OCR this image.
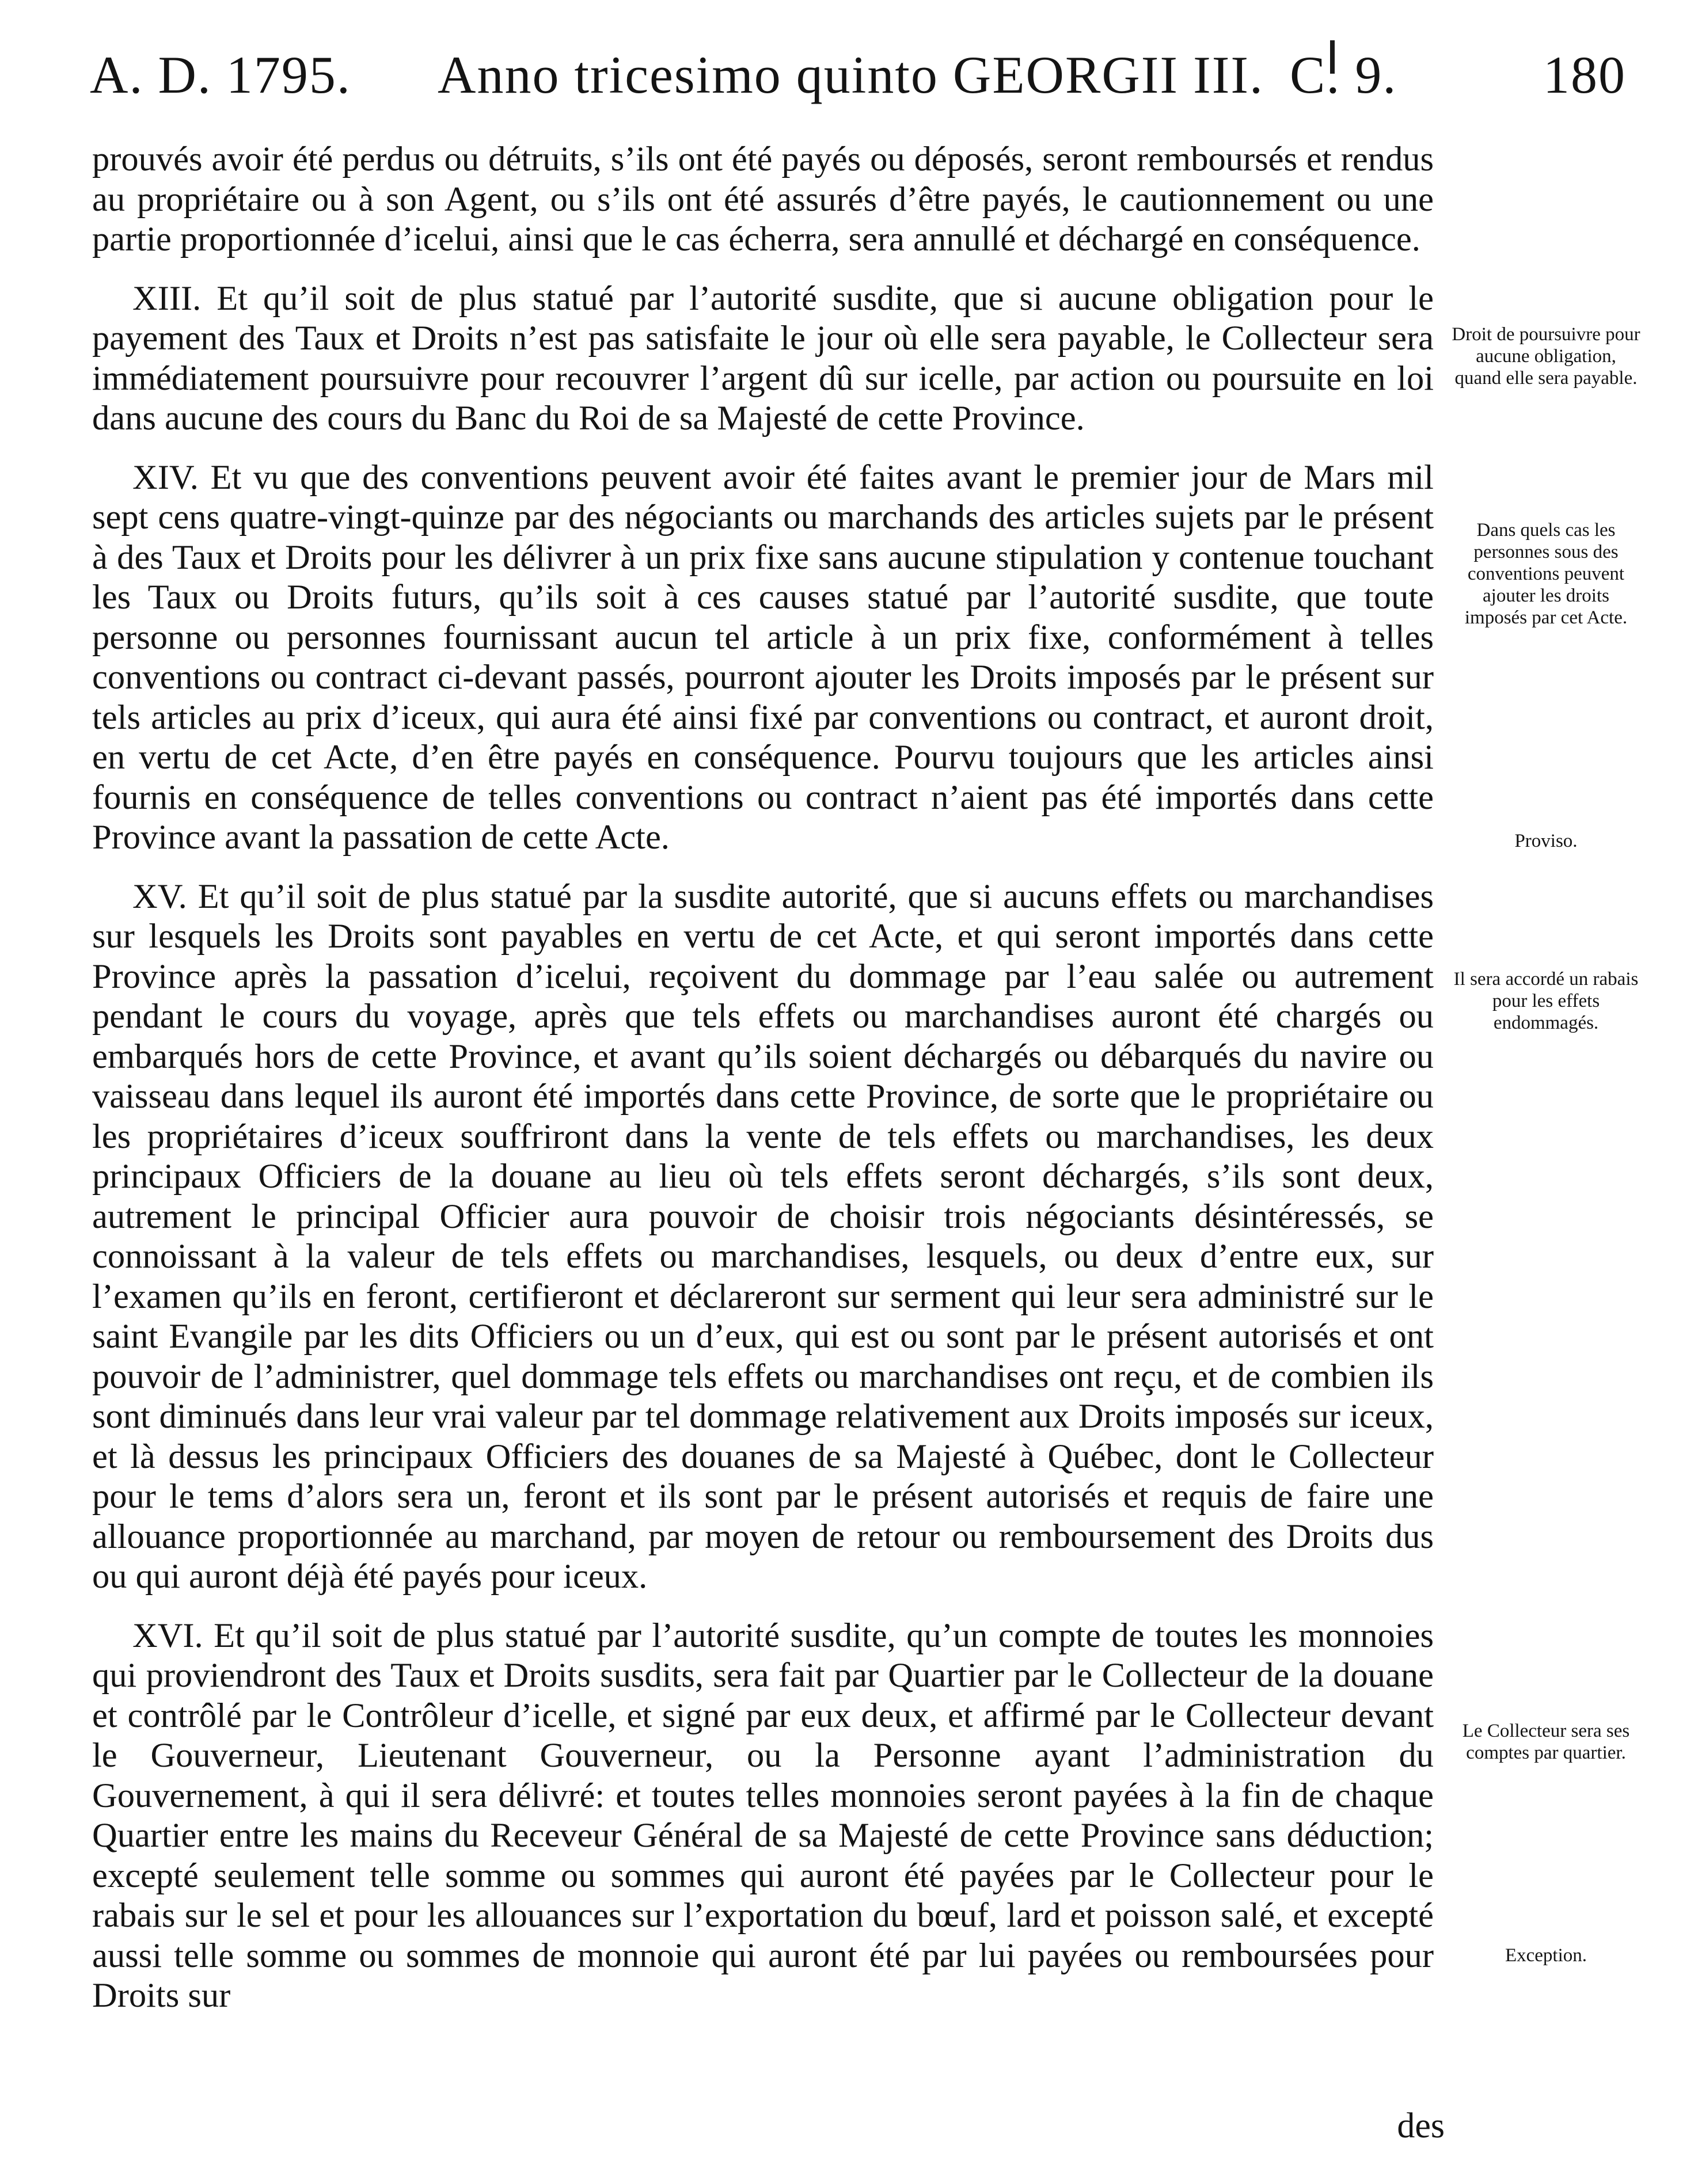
A. D. 1795. Anno tricesimo quinto GEORGII III. C. 9.	180

prouvés avoir été perdus ou détruits, s’ils ont été payés ou déposés, seront remboursés et rendus au propriétaire ou à son Agent, ou s’ils ont été assurés d’être payés, le cautionnement ou une partie proportionnée d’icelui, ainsi que le cas écherra, sera annullé et déchargé en conséquence.

XIII. Et qu’il soit de plus statué par l’autorité susdite, que si aucune obligation pour le payement des Taux et Droits n’est pas satisfaite le jour où elle sera payable, le Collecteur sera immédiatement poursuivre pour recouvrer l’argent dû sur icelle, par action ou poursuite en loi dans aucune des cours du Banc du Roi de sa Majesté de cette Province.

XIV. Et vu que des conventions peuvent avoir été faites avant le premier jour de Mars mil sept cens quatre-vingt-quinze par des négociants ou marchands des articles sujets par le présent à des Taux et Droits pour les délivrer à un prix fixe sans aucune stipulation y contenue touchant les Taux ou Droits futurs, qu’ils soit à ces causes statué par l’autorité susdite, que toute personne ou personnes fournissant aucun tel article à un prix fixe, conformément à telles conventions ou contract ci-devant passés, pourront ajouter les Droits imposés par le présent sur tels articles au prix d’iceux, qui aura été ainsi fixé par conventions ou contract, et auront droit, en vertu de cet Acte, d’en être payés en conséquence. Pourvu toujours que les articles ainsi fournis en conséquence de telles conventions ou contract n’aient pas été importés dans cette Province avant la passation de cette Acte.

XV. Et qu’il soit de plus statué par la susdite autorité, que si aucuns effets ou marchandises sur lesquels les Droits sont payables en vertu de cet Acte, et qui seront importés dans cette Province après la passation d’icelui, reçoivent du dommage par l’eau salée ou autrement pendant le cours du voyage, après que tels effets ou marchandises auront été chargés ou embarqués hors de cette Province, et avant qu’ils soient déchargés ou débarqués du navire ou vaisseau dans lequel ils auront été importés dans cette Province, de sorte que le propriétaire ou les propriétaires d’iceux souffriront dans la vente de tels effets ou marchandises, les deux principaux Officiers de la douane au lieu où tels effets seront déchargés, s’ils sont deux, autrement le principal Officier aura pouvoir de choisir trois négociants désintéressés, se connoissant à la valeur de tels effets ou marchandises, lesquels, ou deux d’entre eux, sur l’examen qu’ils en feront, certifieront et déclareront sur serment qui leur sera administré sur le saint Evangile par les dits Officiers ou un d’eux, qui est ou sont par le présent autorisés et ont pouvoir de l’administrer, quel dommage tels effets ou marchandises ont reçu, et de combien ils sont diminués dans leur vrai valeur par tel dommage relativement aux Droits imposés sur iceux, et là dessus les principaux Officiers des douanes de sa Majesté à Québec, dont le Collecteur pour le tems d’alors sera un, feront et ils sont par le présent autorisés et requis de faire une allouance proportionnée au marchand, par moyen de retour ou remboursement des Droits dus ou qui auront déjà été payés pour iceux.

XVI. Et qu’il soit de plus statué par l’autorité susdite, qu’un compte de toutes les monnoies qui proviendront des Taux et Droits susdits, sera fait par Quartier par le Collecteur de la douane et contrôlé par le Contrôleur d’icelle, et signé par eux deux, et affirmé par le Collecteur devant le Gouverneur, Lieutenant Gouverneur, ou la Personne ayant l’administration du Gouvernement, à qui il sera délivré: et toutes telles monnoies seront payées à la fin de chaque Quartier entre les mains du Receveur Général de sa Majesté de cette Province sans déduction; excepté seulement telle somme ou sommes qui auront été payées par le Collecteur pour le rabais sur le sel et pour les allouances sur l’exportation du bœuf, lard et poisson salé, et excepté aussi telle somme ou sommes de monnoie qui auront été par lui payées ou remboursées pour Droits sur

Droit de poursuivre pour aucune obligation, quand elle sera payable.
Dans quels cas les personnes sous des conventions peuvent ajouter les droits imposés par cet Acte.
Proviso.
Il sera accordé un rabais pour les effets endommagés.
Le Collecteur sera ses comptes par quartier.
Exception.
des
